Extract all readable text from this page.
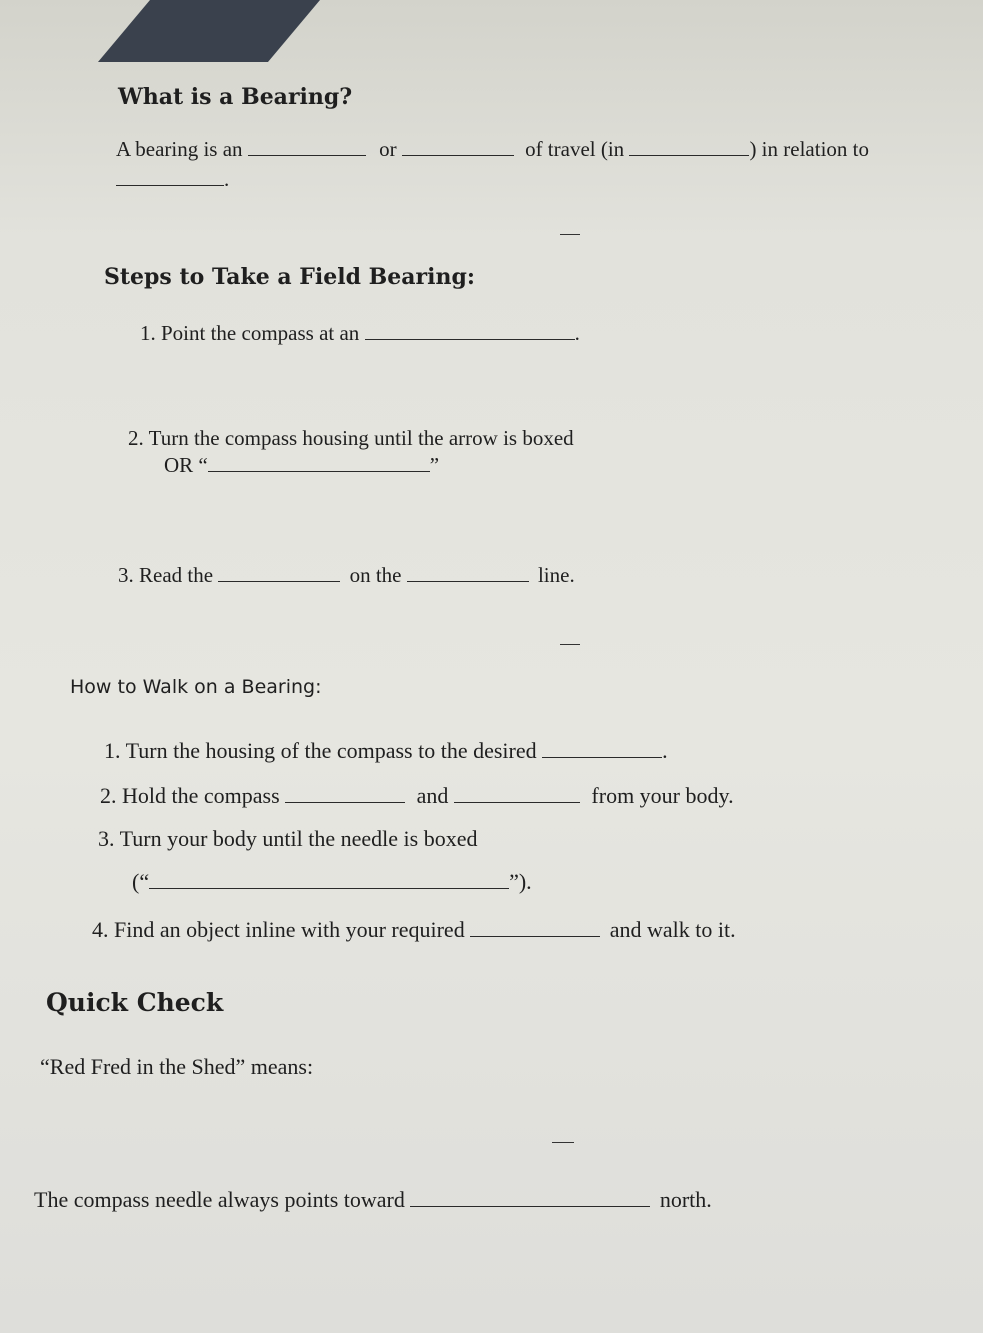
What is a Bearing?
A bearing is an	or	of travel (in	) in relation to
.
Steps to Take a Field Bearing:
1. Point the compass at an	.
2. Turn the compass housing until the arrow is boxed
OR “	”
3. Read the	on the	line.
How to Walk on a Bearing:
1. Turn the housing of the compass to the desired	.
2. Hold the compass	and	from your body.
3. Turn your body until the needle is boxed
(“	”).
4. Find an object inline with your required	and walk to it.
Quick Check
“Red Fred in the Shed” means:
The compass needle always points toward	north.
